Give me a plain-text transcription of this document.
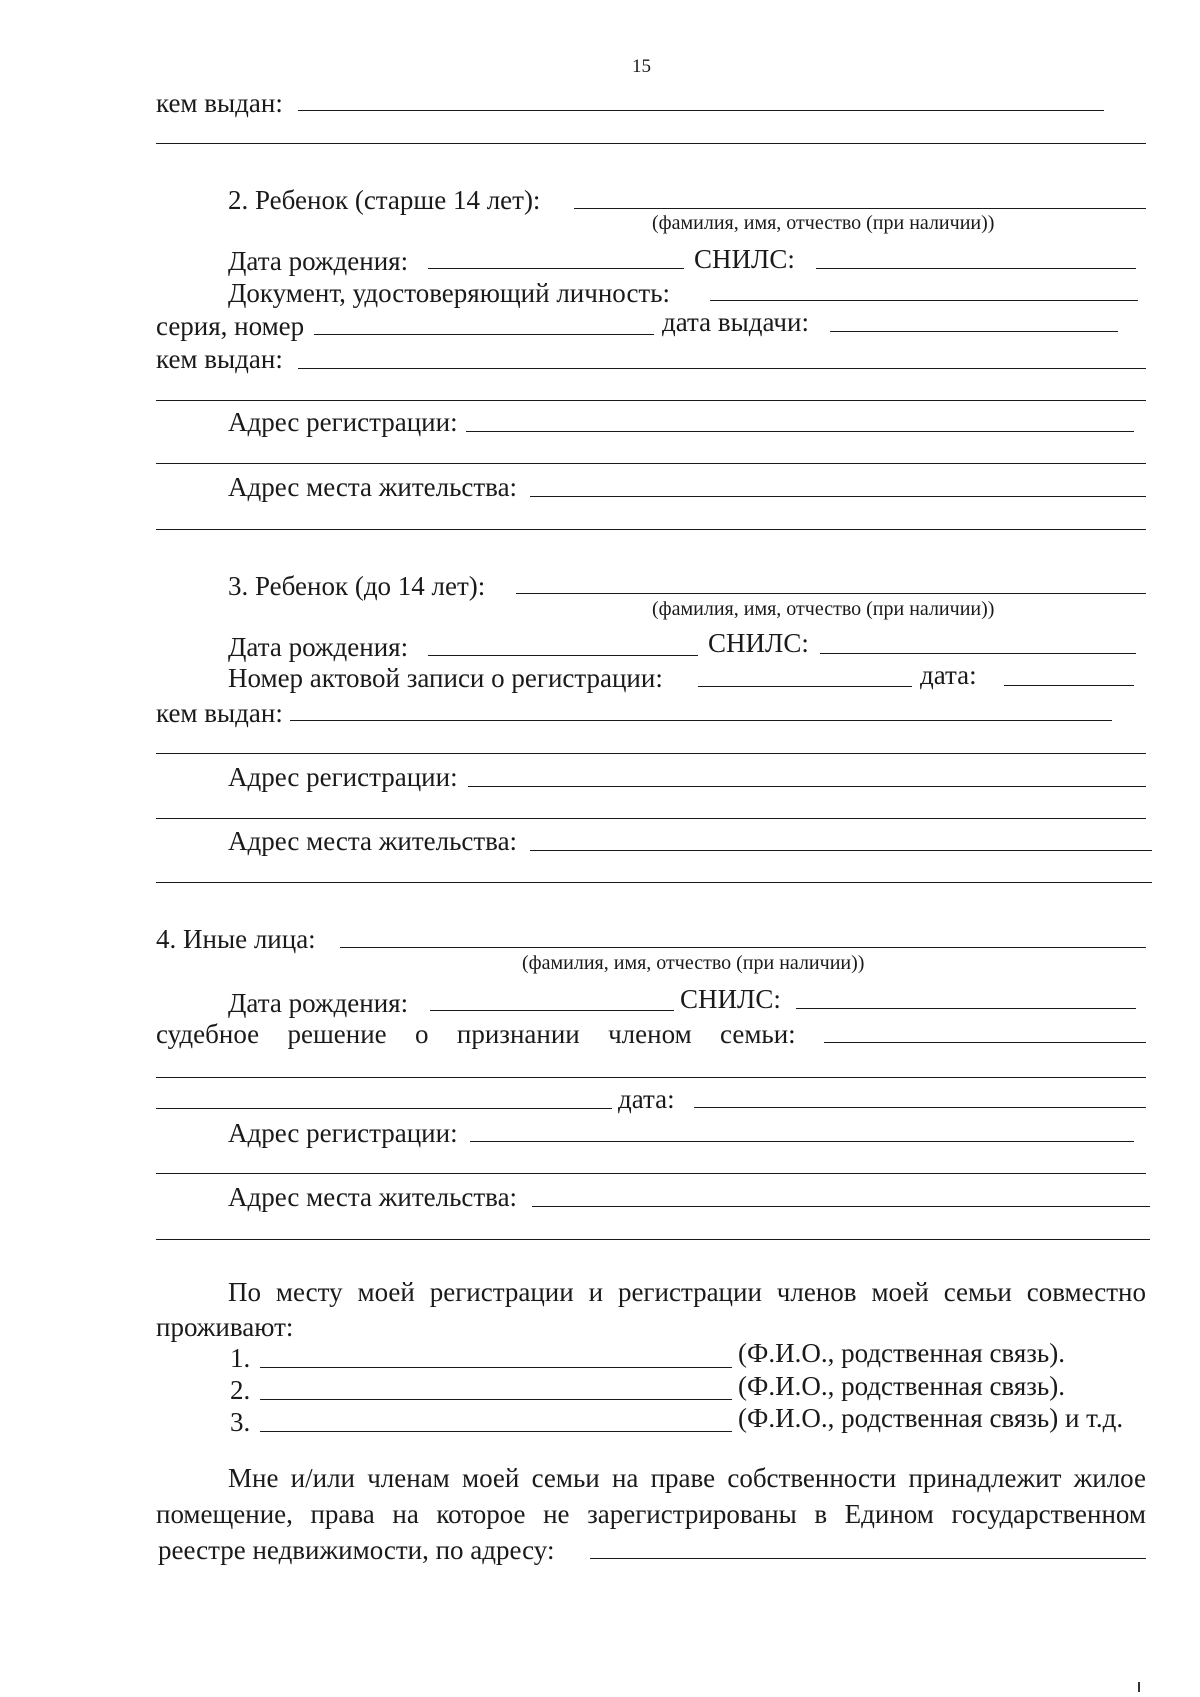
15
кем выдан:
2. Ребенок (старше 14 лет):
(фамилия, имя, отчество (при наличии))
Дата рождения:	СНИЛС:
Документ, удостоверяющий личность:
серия, номер	дата выдачи:
кем выдан:
Адрес регистрации:
Адрес места жительства:
3. Ребенок (до 14 лет):
(фамилия, имя, отчество (при наличии))
Дата рождения:	СНИЛС:
Номер актовой записи о регистрации:	дата:
кем выдан:
Адрес регистрации:
Адрес места жительства:
4. Иные лица:
(фамилия, имя, отчество (при наличии))
Дата рождения:	СНИЛС:
судебное решение о признании членом семьи:
дата:
Адрес регистрации:
Адрес места жительства:
По месту моей регистрации и регистрации членов моей семьи совместно
проживают:
1.	(Ф.И.О., родственная связь).
2.	(Ф.И.О., родственная связь).
3.	(Ф.И.О., родственная связь) и т.д.
Мне и/или членам моей семьи на праве собственности принадлежит жилое
помещение, права на которое не зарегистрированы в Едином государственном
реестре недвижимости, по адресу:
